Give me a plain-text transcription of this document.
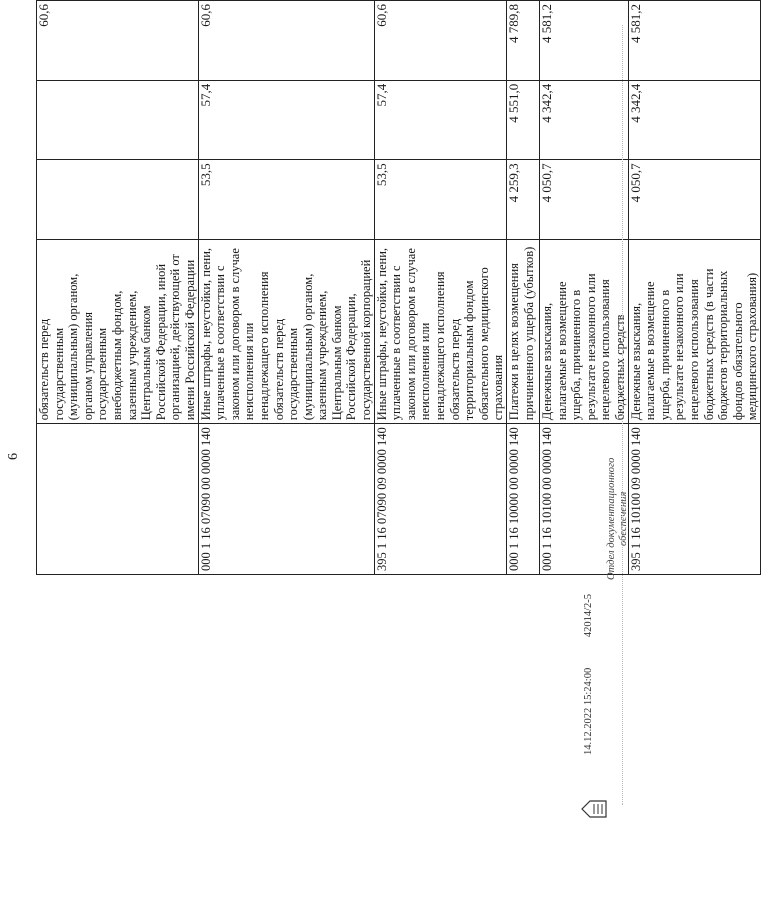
6
	обязательств перед государственным (муниципальным) органом, органом управления государственным внебюджетным фондом, казенным учреждением, Центральным банком Российской Федерации, иной организацией, действующей от имени Российской Федерации			60,6
000 1 16 07090 00 0000 140	Иные штрафы, неустойки, пени, уплаченные в соответствии с законом или договором в случае неисполнения или ненадлежащего исполнения обязательств перед государственным (муниципальным) органом, казенным учреждением, Центральным банком Российской Федерации, государственной корпорацией	53,5	57,4	60,6
395 1 16 07090 09 0000 140	Иные штрафы, неустойки, пени, уплаченные в соответствии с законом или договором в случае неисполнения или ненадлежащего исполнения обязательств перед территориальным фондом обязательного медицинского страхования	53,5	57,4	60,6
000 1 16 10000 00 0000 140	Платежи в целях возмещения причиненного ущерба (убытков)	4 259,3	4 551,0	4 789,8
000 1 16 10100 00 0000 140	Денежные взыскания, налагаемые в возмещение ущерба, причиненного в результате незаконного или нецелевого использования бюджетных средств	4 050,7	4 342,4	4 581,2
395 1 16 10100 09 0000 140	Денежные взыскания, налагаемые в возмещение ущерба, причиненного в результате незаконного или нецелевого использования бюджетных средств (в части бюджетов территориальных фондов обязательного медицинского страхования)	4 050,7	4 342,4	4 581,2
14.12.2022 15:24:00 42014/2-5
Отдел документационного обеспечения
